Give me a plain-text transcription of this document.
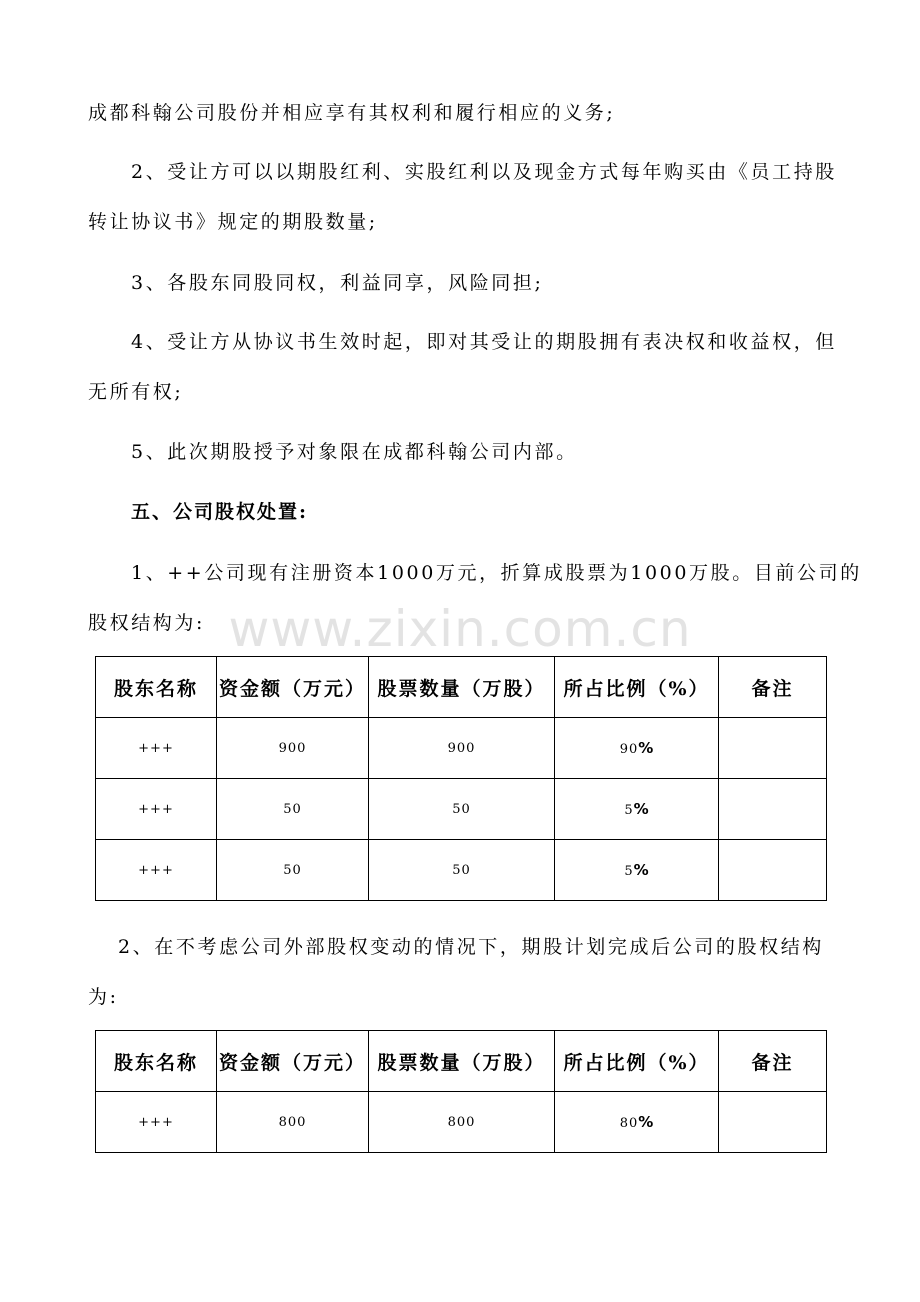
成都科翰公司股份并相应享有其权利和履行相应的义务;
2、受让方可以以期股红利、实股红利以及现金方式每年购买由《员工持股
转让协议书》规定的期股数量;
3、各股东同股同权，利益同享，风险同担;
4、受让方从协议书生效时起，即对其受让的期股拥有表决权和收益权，但
无所有权;
5、此次期股授予对象限在成都科翰公司内部。
五、公司股权处置:
1、++公司现有注册资本1000万元，折算成股票为1000万股。目前公司的
股权结构为: www.zixin.com.cn
股东名称	资金额（万元）	股票数量（万股）	所占比例（%）	备注
+++	900	900	90%	
+++	50	50	5%	
+++	50	50	5%	
2、在不考虑公司外部股权变动的情况下，期股计划完成后公司的股权结构
为:
股东名称	资金额（万元）	股票数量（万股）	所占比例（%）	备注
+++	800	800	80%	
